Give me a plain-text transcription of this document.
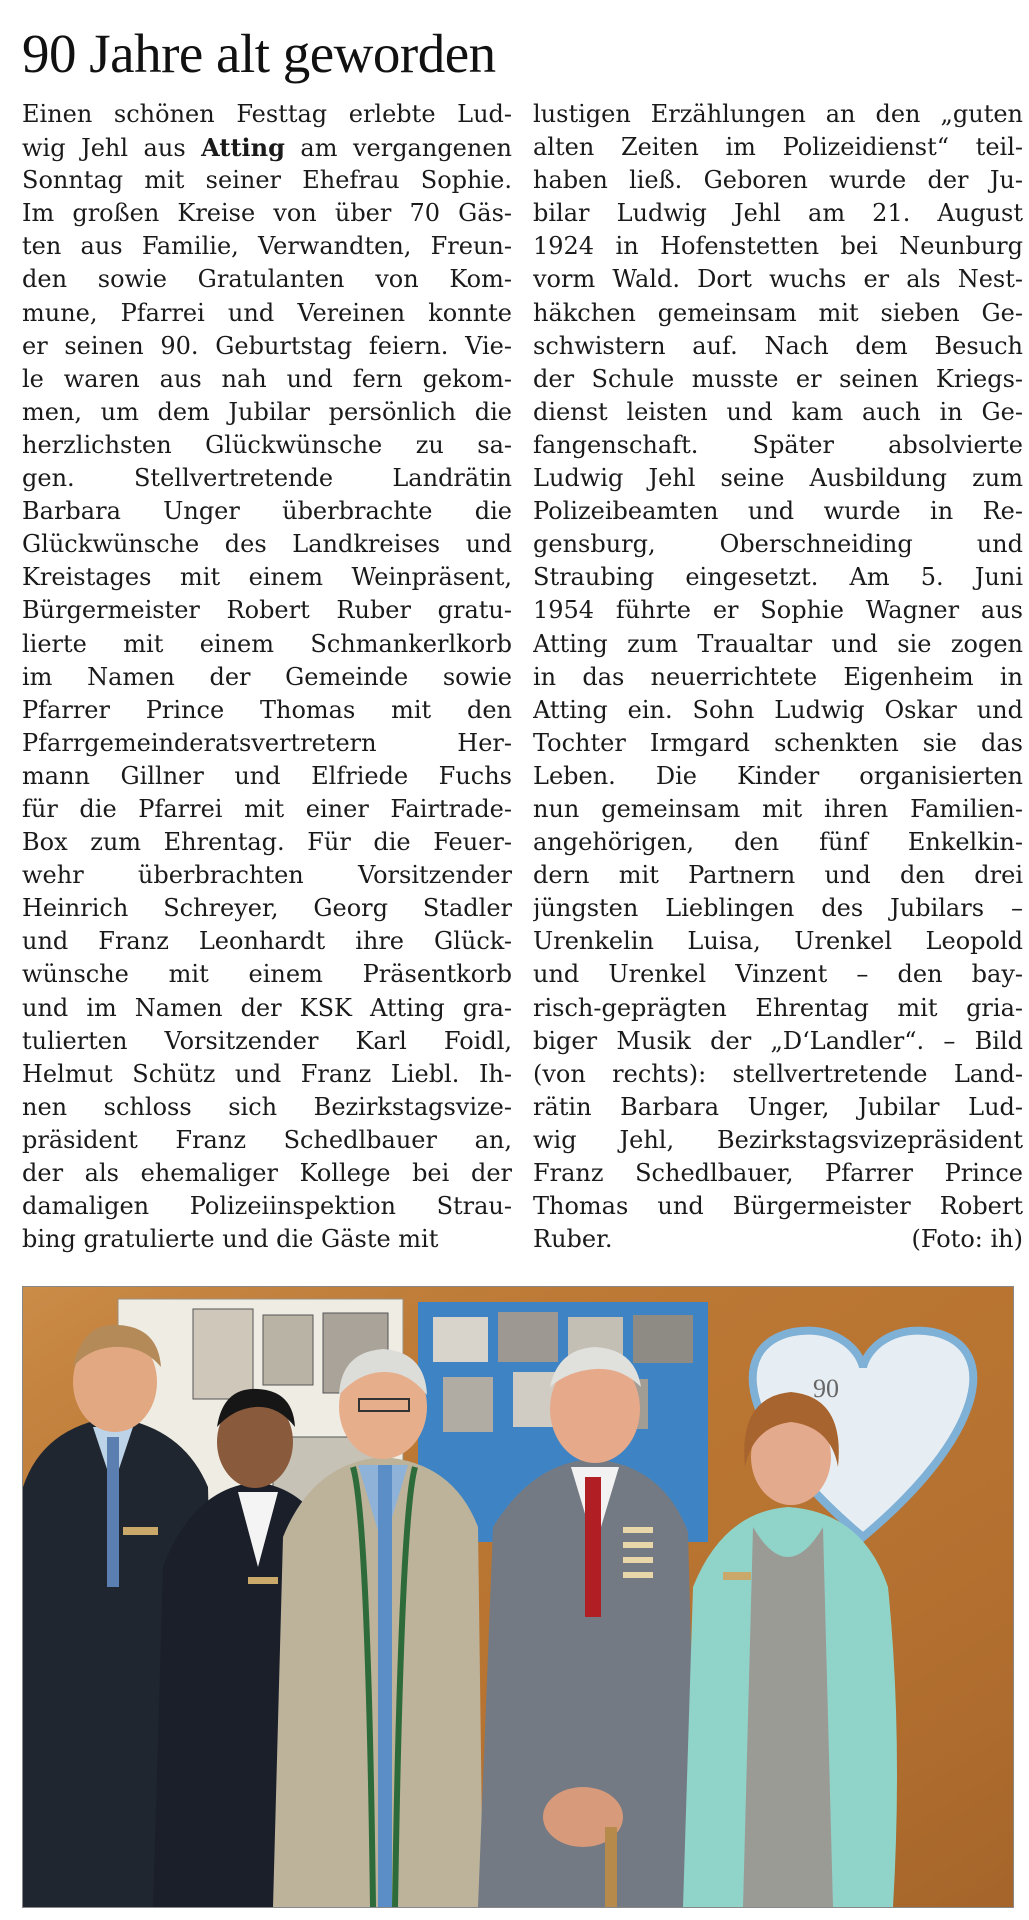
90 Jahre alt geworden
Einen schönen Festtag erlebte Lud-
wig Jehl aus Atting am vergangenen
Sonntag mit seiner Ehefrau Sophie.
Im großen Kreise von über 70 Gäs-
ten aus Familie, Verwandten, Freun-
den sowie Gratulanten von Kom-
mune, Pfarrei und Vereinen konnte
er seinen 90. Geburtstag feiern. Vie-
le waren aus nah und fern gekom-
men, um dem Jubilar persönlich die
herzlichsten Glückwünsche zu sa-
gen. Stellvertretende Landrätin
Barbara Unger überbrachte die
Glückwünsche des Landkreises und
Kreistages mit einem Weinpräsent,
Bürgermeister Robert Ruber gratu-
lierte mit einem Schmankerlkorb
im Namen der Gemeinde sowie
Pfarrer Prince Thomas mit den
Pfarrgemeinderatsvertretern Her-
mann Gillner und Elfriede Fuchs
für die Pfarrei mit einer Fairtrade-
Box zum Ehrentag. Für die Feuer-
wehr überbrachten Vorsitzender
Heinrich Schreyer, Georg Stadler
und Franz Leonhardt ihre Glück-
wünsche mit einem Präsentkorb
und im Namen der KSK Atting gra-
tulierten Vorsitzender Karl Foidl,
Helmut Schütz und Franz Liebl. Ih-
nen schloss sich Bezirkstagsvize-
präsident Franz Schedlbauer an,
der als ehemaliger Kollege bei der
damaligen Polizeiinspektion Strau-
bing gratulierte und die Gäste mit
lustigen Erzählungen an den „guten
alten Zeiten im Polizeidienst“ teil-
haben ließ. Geboren wurde der Ju-
bilar Ludwig Jehl am 21. August
1924 in Hofenstetten bei Neunburg
vorm Wald. Dort wuchs er als Nest-
häkchen gemeinsam mit sieben Ge-
schwistern auf. Nach dem Besuch
der Schule musste er seinen Kriegs-
dienst leisten und kam auch in Ge-
fangenschaft. Später absolvierte
Ludwig Jehl seine Ausbildung zum
Polizeibeamten und wurde in Re-
gensburg, Oberschneiding und
Straubing eingesetzt. Am 5. Juni
1954 führte er Sophie Wagner aus
Atting zum Traualtar und sie zogen
in das neuerrichtete Eigenheim in
Atting ein. Sohn Ludwig Oskar und
Tochter Irmgard schenkten sie das
Leben. Die Kinder organisierten
nun gemeinsam mit ihren Familien-
angehörigen, den fünf Enkelkin-
dern mit Partnern und den drei
jüngsten Lieblingen des Jubilars –
Urenkelin Luisa, Urenkel Leopold
und Urenkel Vinzent – den bay-
risch-geprägten Ehrentag mit gria-
biger Musik der „D‘Landler“. – Bild
(von rechts): stellvertretende Land-
rätin Barbara Unger, Jubilar Lud-
wig Jehl, Bezirkstagsvizepräsident
Franz Schedlbauer, Pfarrer Prince
Thomas und Bürgermeister Robert
Ruber.	(Foto: ih)
90
